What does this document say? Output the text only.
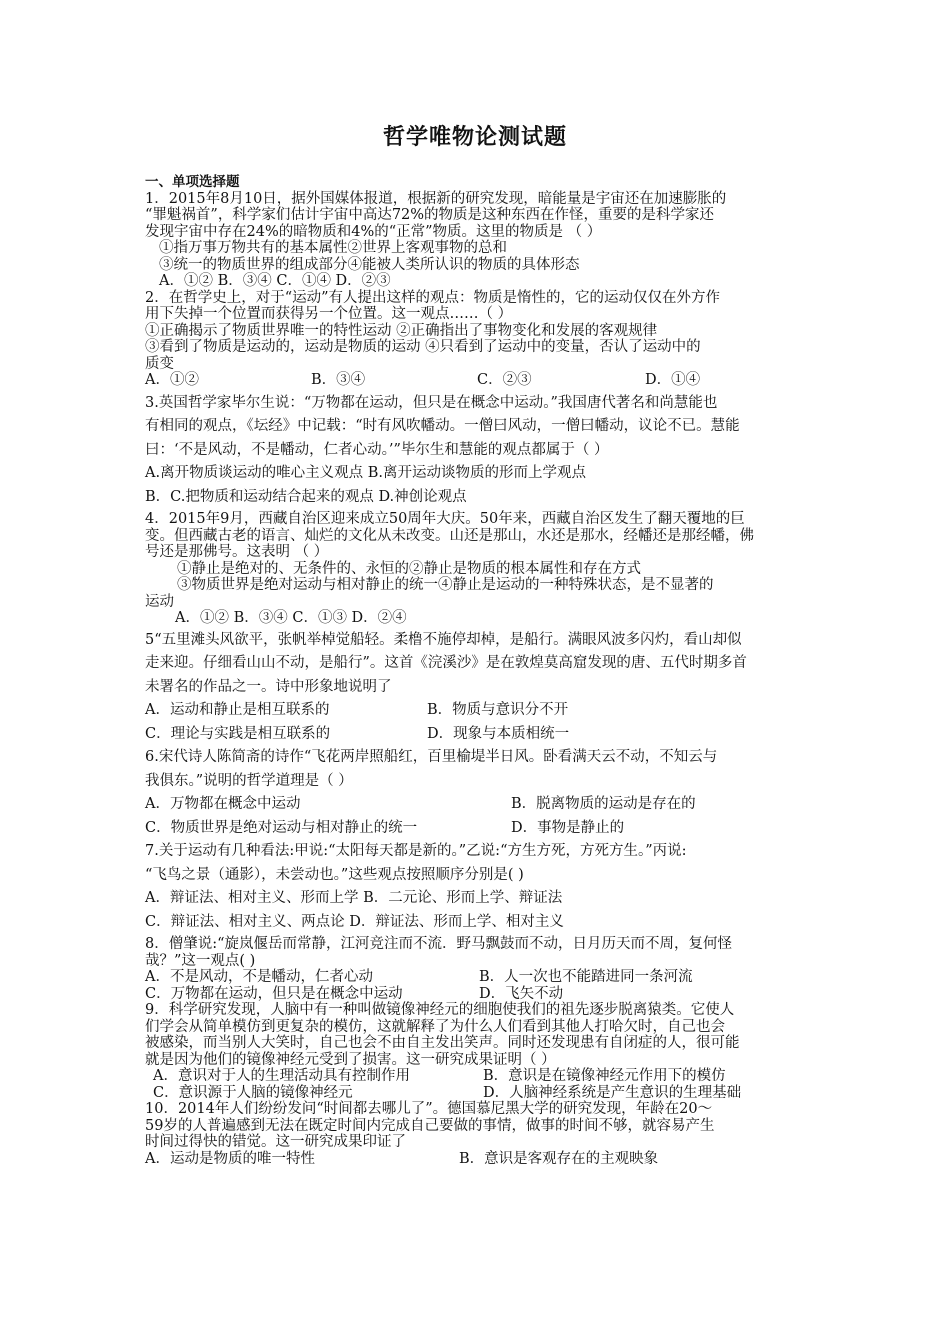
哲学唯物论测试题
一、单项选择题
1．2015年8月10日，据外国媒体报道，根据新的研究发现，暗能量是宇宙还在加速膨胀的
“罪魁祸首”，科学家们估计宇宙中高达72%的物质是这种东西在作怪，重要的是科学家还
发现宇宙中存在24%的暗物质和4%的“正常”物质。这里的物质是 （ ）
①指万事万物共有的基本属性②世界上客观事物的总和
③统一的物质世界的组成部分④能被人类所认识的物质的具体形态
A．①② B．③④ C．①④ D．②③
2．在哲学史上，对于“运动”有人提出这样的观点：物质是惰性的，它的运动仅仅在外方作
用下失掉一个位置而获得另一个位置。这一观点……（ ）
①正确揭示了物质世界唯一的特性运动 ②正确指出了事物变化和发展的客观规律
③看到了物质是运动的，运动是物质的运动 ④只看到了运动中的变量，否认了运动中的
质变
A．①②	B．③④	C．②③	D．①④
3.英国哲学家毕尔生说：“万物都在运动，但只是在概念中运动。”我国唐代著名和尚慧能也
有相同的观点，《坛经》中记载：“时有风吹幡动。一僧曰风动，一僧曰幡动，议论不已。慧能
曰：‘不是风动，不是幡动，仁者心动。’”毕尔生和慧能的观点都属于（ ）
A.离开物质谈运动的唯心主义观点 B.离开运动谈物质的形而上学观点
B．C.把物质和运动结合起来的观点 D.神创论观点
4．2015年9月，西藏自治区迎来成立50周年大庆。50年来，西藏自治区发生了翻天覆地的巨
变。但西藏古老的语言、灿烂的文化从未改变。山还是那山，水还是那水，经幡还是那经幡，佛
号还是那佛号。这表明 （ ）
①静止是绝对的、无条件的、永恒的②静止是物质的根本属性和存在方式
③物质世界是绝对运动与相对静止的统一④静止是运动的一种特殊状态，是不显著的
运动
A．①② B．③④ C．①③ D．②④
5“五里滩头风欲平，张帆举棹觉船轻。柔橹不施停却棹，是船行。满眼风波多闪灼，看山却似
走来迎。仔细看山山不动，是船行”。这首《浣溪沙》是在敦煌莫高窟发现的唐、五代时期多首
未署名的作品之一。诗中形象地说明了
A．运动和静止是相互联系的	B．物质与意识分不开
C．理论与实践是相互联系的	D．现象与本质相统一
6.宋代诗人陈简斋的诗作“飞花两岸照船红，百里榆堤半日风。卧看满天云不动，不知云与
我俱东。”说明的哲学道理是（ ）
A．万物都在概念中运动	B．脱离物质的运动是存在的
C．物质世界是绝对运动与相对静止的统一	D．事物是静止的
7.关于运动有几种看法:甲说:“太阳每天都是新的。”乙说:“方生方死，方死方生。”丙说:
“飞鸟之景（通影），未尝动也。”这些观点按照顺序分别是( )
A．辩证法、相对主义、形而上学 B．二元论、形而上学、辩证法
C．辩证法、相对主义、两点论 D．辩证法、形而上学、相对主义
8．僧肇说:“旋岚偃岳而常静，江河竞注而不流．野马飘鼓而不动，日月历天而不周，复何怪
哉？”这一观点( )
A．不是风动，不是幡动，仁者心动	B．人一次也不能踏进同一条河流
C．万物都在运动，但只是在概念中运动	D．飞矢不动
9．科学研究发现，人脑中有一种叫做镜像神经元的细胞使我们的祖先逐步脱离猿类。它使人
们学会从简单模仿到更复杂的模仿，这就解释了为什么人们看到其他人打哈欠时，自己也会
被感染，而当别人大笑时，自己也会不由自主发出笑声。同时还发现患有自闭症的人，很可能
就是因为他们的镜像神经元受到了损害。这一研究成果证明（ ）
A．意识对于人的生理活动具有控制作用	B．意识是在镜像神经元作用下的模仿
C．意识源于人脑的镜像神经元	D．人脑神经系统是产生意识的生理基础
10．2014年人们纷纷发问“时间都去哪儿了”。德国慕尼黑大学的研究发现，年龄在20～
59岁的人普遍感到无法在既定时间内完成自己要做的事情，做事的时间不够，就容易产生
时间过得快的错觉。这一研究成果印证了
A．运动是物质的唯一特性	B．意识是客观存在的主观映象
